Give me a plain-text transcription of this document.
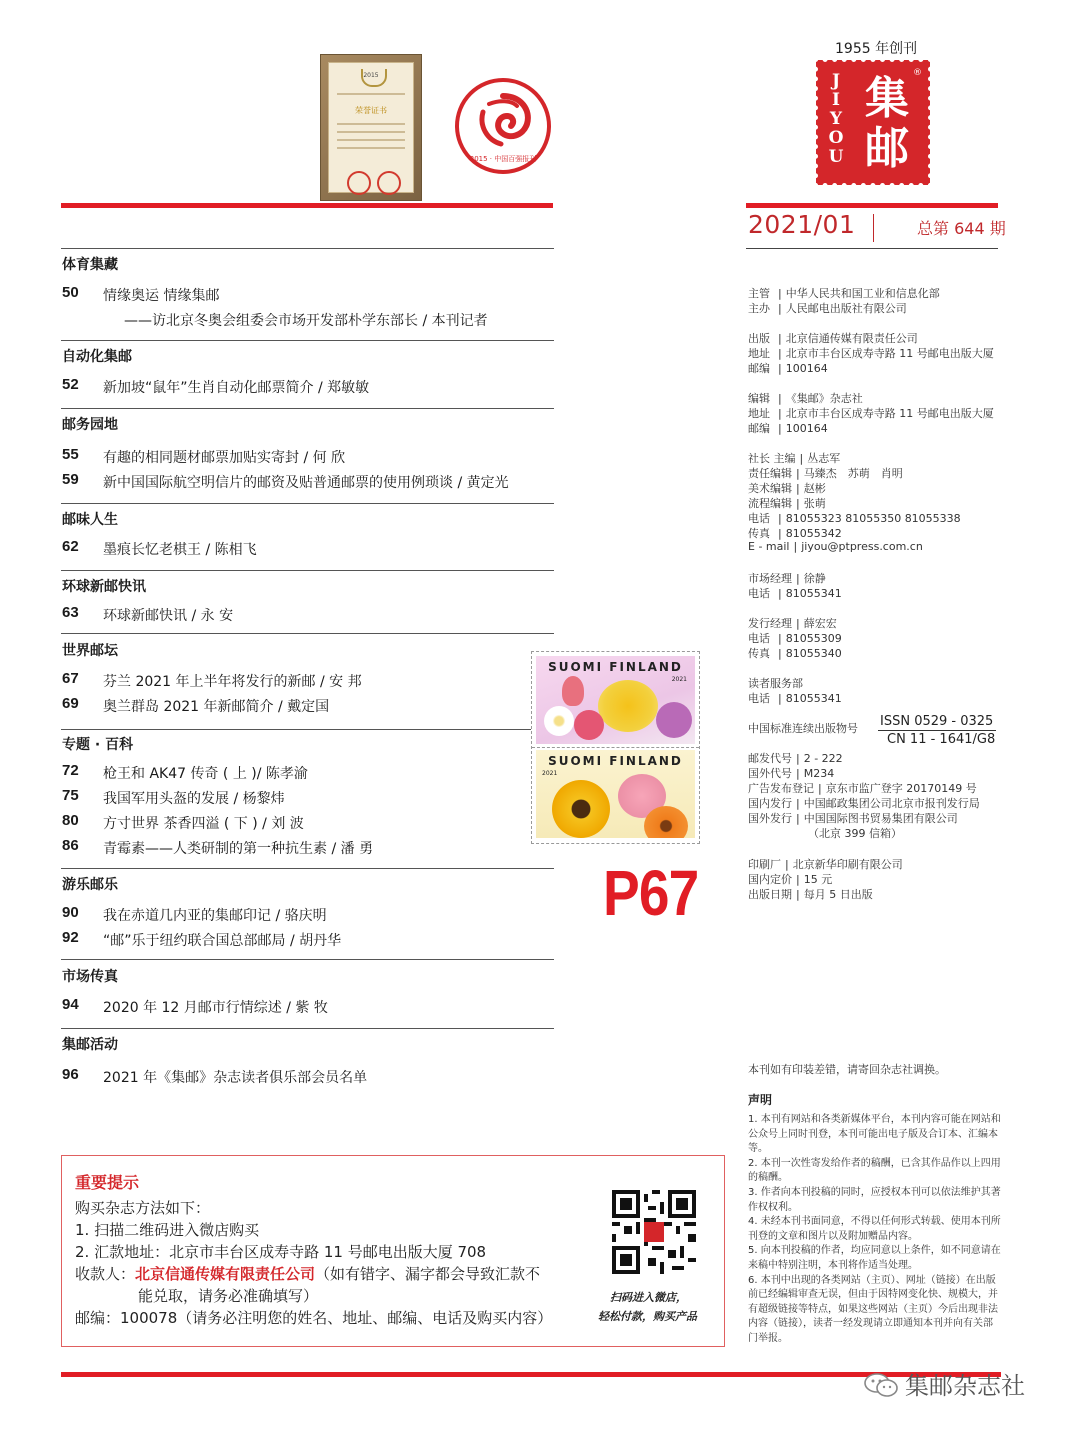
2015
荣誉证书
2015 · 中国百强报刊
1955 年创刊
J
I
Y
O
U
集
邮
®
2021/01	总第 644 期
主管 | 中华人民共和国工业和信息化部
主办 | 人民邮电出版社有限公司
出版 | 北京信通传媒有限责任公司
地址 | 北京市丰台区成寿寺路 11 号邮电出版大厦
邮编 | 100164
编辑 | 《集邮》杂志社
地址 | 北京市丰台区成寿寺路 11 号邮电出版大厦
邮编 | 100164
社长 主编 | 丛志军
责任编辑 | 马臻杰　苏萌　肖明
美术编辑 | 赵彬
流程编辑 | 张萌
电话 | 81055323 81055350 81055338
传真 | 81055342
E - mail | jiyou@ptpress.com.cn
市场经理 | 徐静
电话 | 81055341
发行经理 | 薛宏宏
电话 | 81055309
传真 | 81055340
读者服务部
电话 | 81055341
中国标准连续出版物号
邮发代号 | 2 - 222
国外代号 | M234
广告发布登记 | 京东市监广登字 20170149 号
国内发行 | 中国邮政集团公司北京市报刊发行局
国外发行 | 中国国际图书贸易集团有限公司
（北京 399 信箱）
印刷厂 | 北京新华印刷有限公司
国内定价 | 15 元
出版日期 | 每月 5 日出版
ISSN 0529 - 0325
CN 11 - 1641/G8
本刊如有印装差错，请寄回杂志社调换。
声明

1. 本刊有网站和各类新媒体平台，本刊内容可能在网站和公众号上同时刊登，本刊可能出电子版及合订本、汇编本等。

2. 本刊一次性寄发给作者的稿酬，已含其作品作以上四用的稿酬。

3. 作者向本刊投稿的同时，应授权本刊可以依法维护其著作权权利。

4. 未经本刊书面同意，不得以任何形式转载、使用本刊所刊登的文章和图片以及附加赠品内容。

5. 向本刊投稿的作者，均应同意以上条件，如不同意请在来稿中特别注明，本刊将作适当处理。

6. 本刊中出现的各类网站（主页）、网址（链接）在出版前已经编辑审查无误，但由于因特网变化快、规模大，并有超级链接等特点，如果这些网站（主页）今后出现非法内容（链接），读者一经发现请立即通知本刊并向有关部门举报。

体育集藏
50 情缘奥运 情缘集邮
——访北京冬奥会组委会市场开发部朴学东部长 / 本刊记者
自动化集邮
52 新加坡“鼠年”生肖自动化邮票简介 / 郑敏敏
邮务园地
55 有趣的相同题材邮票加贴实寄封 / 何 欣
59 新中国国际航空明信片的邮资及贴普通邮票的使用例琐谈 / 黄定光
邮味人生
62 墨痕长忆老棋王 / 陈相飞
环球新邮快讯
63 环球新邮快讯 / 永 安
世界邮坛
67 芬兰 2021 年上半年将发行的新邮 / 安 邦
69 奥兰群岛 2021 年新邮简介 / 戴定国
专题 · 百科
72 枪王和 AK47 传奇 ( 上 )/ 陈孝渝
75 我国军用头盔的发展 / 杨黎炜
80 方寸世界 茶香四溢 ( 下 ) / 刘 波
86 青霉素——人类研制的第一种抗生素 / 潘 勇
游乐邮乐
90 我在赤道几内亚的集邮印记 / 骆庆明
92 “邮”乐于纽约联合国总部邮局 / 胡丹华
市场传真
94 2020 年 12 月邮市行情综述 / 紫 牧
集邮活动
96 2021 年《集邮》杂志读者俱乐部会员名单
SUOMI FINLAND
2021
SUOMI FINLAND
2021
P67
重要提示
购买杂志方法如下：
1. 扫描二维码进入微店购买
2. 汇款地址：北京市丰台区成寿寺路 11 号邮电出版大厦 708
收款人：北京信通传媒有限责任公司（如有错字、漏字都会导致汇款不
能兑取，请务必准确填写）
邮编：100078（请务必注明您的姓名、地址、邮编、电话及购买内容）
扫码进入微店，
轻松付款，购买产品
集邮杂志社
